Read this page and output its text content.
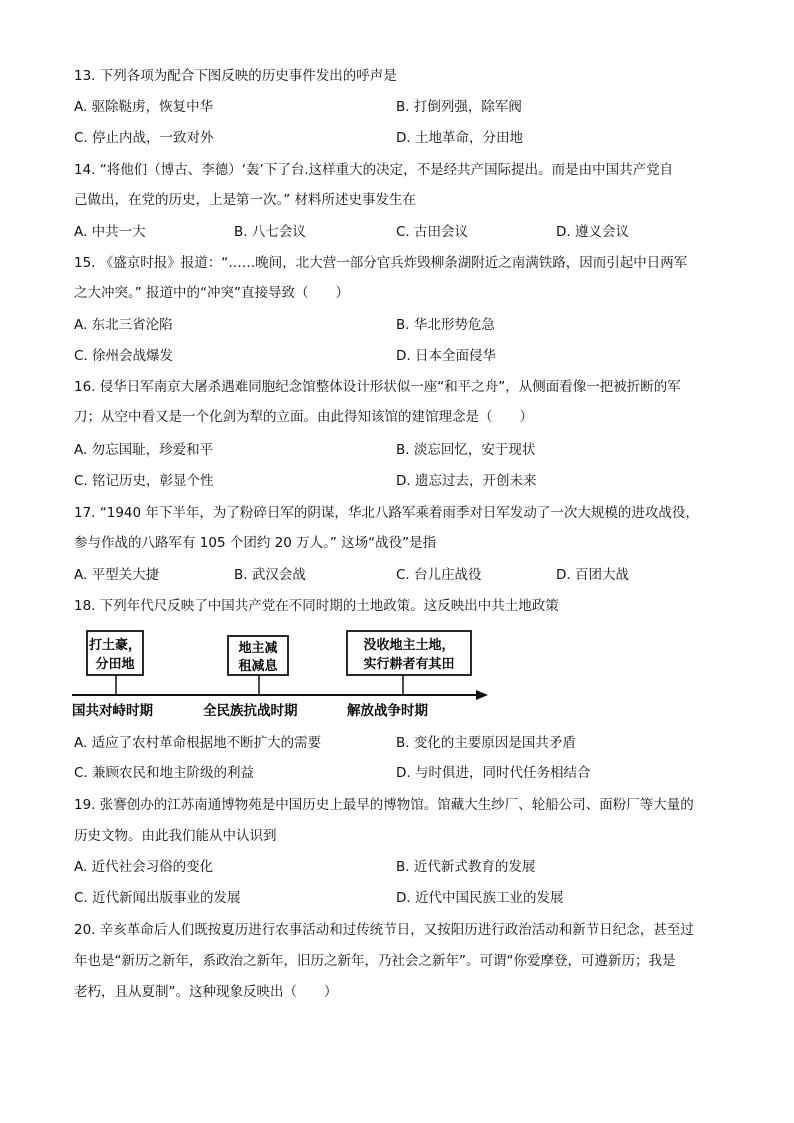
13. 下列各项为配合下图反映的历史事件发出的呼声是
A. 驱除鞑虏，恢复中华	B. 打倒列强，除军阀
C. 停止内战，一致对外	D. 土地革命，分田地
14. “将他们（博古、李德）‘轰’下了台.这样重大的决定，不是经共产国际提出。而是由中国共产党自
己做出，在党的历史，上是第一次。” 材料所述史事发生在
A. 中共一大	B. 八七会议	C. 古田会议	D. 遵义会议
15. 《盛京时报》报道：“……晚间，北大营一部分官兵炸毁柳条湖附近之南满铁路，因而引起中日两军
之大冲突。” 报道中的“冲突”直接导致（　　）
A. 东北三省沦陷	B. 华北形势危急
C. 徐州会战爆发	D. 日本全面侵华
16. 侵华日军南京大屠杀遇难同胞纪念馆整体设计形状似一座“和平之舟”，从侧面看像一把被折断的军
刀；从空中看又是一个化剑为犁的立面。由此得知该馆的建馆理念是（　　）
A. 勿忘国耻，珍爱和平	B. 淡忘回忆，安于现状
C. 铭记历史，彰显个性	D. 遗忘过去，开创未来
17. “1940 年下半年，为了粉碎日军的阴谋，华北八路军乘着雨季对日军发动了一次大规模的进攻战役，
参与作战的八路军有 105 个团约 20 万人。” 这场“战役”是指
A. 平型关大捷	B. 武汉会战	C. 台儿庄战役	D. 百团大战
18. 下列年代尺反映了中国共产党在不同时期的土地政策。这反映出中共土地政策
打土豪，
分田地
地主减
租减息
没收地主土地，
实行耕者有其田
国共对峙时期	全民族抗战时期	解放战争时期
A. 适应了农村革命根据地不断扩大的需要	B. 变化的主要原因是国共矛盾
C. 兼顾农民和地主阶级的利益	D. 与时俱进，同时代任务相结合
19. 张謇创办的江苏南通博物苑是中国历史上最早的博物馆。馆藏大生纱厂、轮船公司、面粉厂等大量的
历史文物。由此我们能从中认识到
A. 近代社会习俗的变化	B. 近代新式教育的发展
C. 近代新闻出版事业的发展	D. 近代中国民族工业的发展
20. 辛亥革命后人们既按夏历进行农事活动和过传统节日，又按阳历进行政治活动和新节日纪念，甚至过
年也是“新历之新年，系政治之新年，旧历之新年，乃社会之新年”。可谓“你爱摩登，可遵新历；我是
老朽，且从夏制”。这种现象反映出（　　）
